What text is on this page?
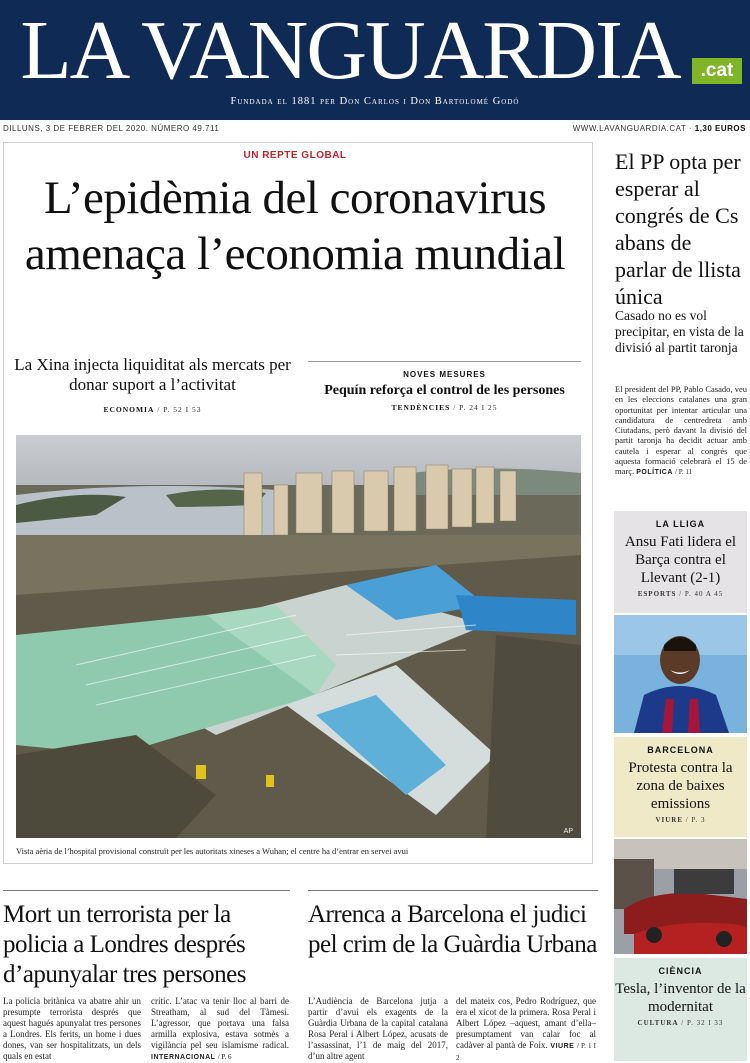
LA VANGUARDIA	.cat
Fundada el 1881 per Don Carlos i Don Bartolomé Godó
DILLUNS, 3 DE FEBRER DEL 2020. NÚMERO 49.711	WWW.LAVANGUARDIA.CAT · 1,30 EUROS
UN REPTE GLOBAL
L’epidèmia del coronavirus amenaça l’economia mundial
La Xina injecta liquiditat als mercats per donar suport a l’activitat
ECONOMIA / P. 52 I 53
NOVES MESURES
Pequín reforça el control de les persones
TENDÈNCIES / P. 24 I 25
AP
Vista aèria de l’hospital provisional construït per les autoritats xineses a Wuhan; el centre ha d’entrar en servei avui
El PP opta per esperar al congrés de Cs abans de parlar de llista única
Casado no es vol precipitar, en vista de la divisió al partit taronja
El president del PP, Pablo Casado, veu en les eleccions catalanes una gran oportunitat per intentar articular una candidatura de centredreta amb Ciutadans, però davant la divisió del partit taronja ha decidit actuar amb cautela i esperar al congrés que aquesta formació celebrarà el 15 de març. POLÍTICA / P. 11
LA LLIGA
Ansu Fati lidera el Barça contra el Llevant (2-1)
ESPORTS / P. 40 A 45
BARCELONA
Protesta contra la zona de baixes emissions
VIURE / P. 3
CIÈNCIA
Tesla, l’inventor de la modernitat
CULTURA / P. 32 I 33
Mort un terrorista per la policia a Londres després d’apunyalar tres persones
La policia britànica va abatre ahir un presumpte terrorista després que aquest hagués apunyalat tres persones a Londres. Els ferits, un home i dues dones, van ser hospitalitzats, un dels quals en estat
crític. L’atac va tenir lloc al barri de Streatham, al sud del Tàmesi. L’agressor, que portava una falsa armilla explosiva, estava sotmès a vigilància pel seu islamisme radical. INTERNACIONAL / P. 6
Arrenca a Barcelona el judici pel crim de la Guàrdia Urbana
L’Audiència de Barcelona jutja a partir d’avui els exagents de la Guàrdia Urbana de la capital catalana Rosa Peral i Albert López, acusats de l’assassinat, l’1 de maig del 2017, d’un altre agent
del mateix cos, Pedro Rodríguez, que era el xicot de la primera. Rosa Peral i Albert López –aquest, amant d’ella– presumptament van calar foc al cadàver al pantà de Foix. VIURE / P. 1 I 2
